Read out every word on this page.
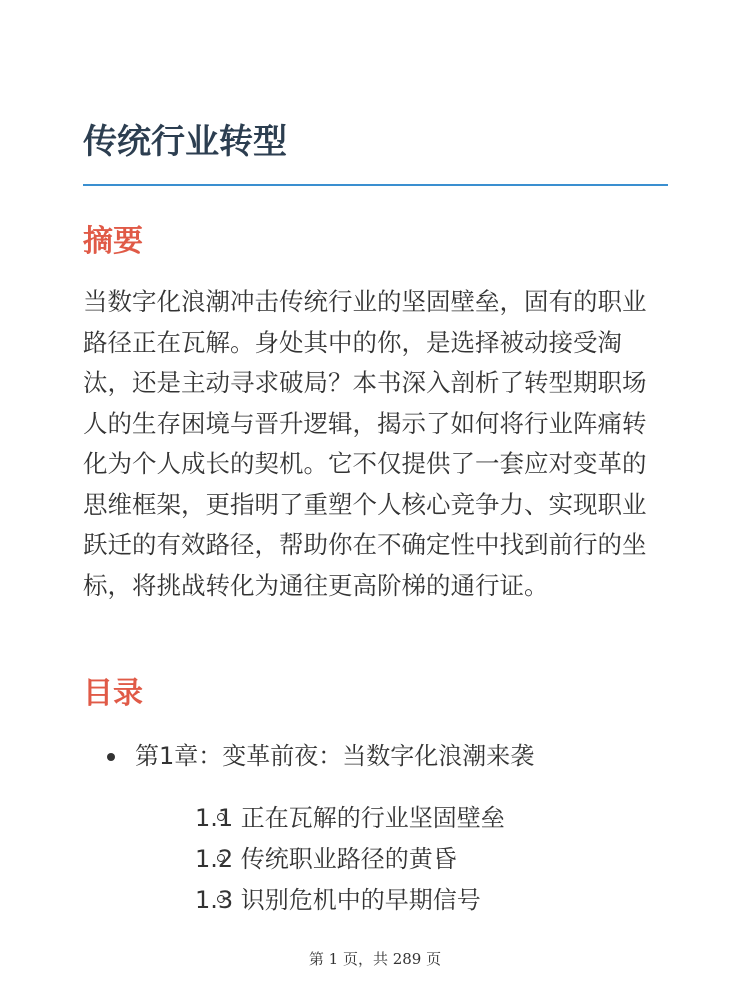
传统行业转型
摘要

当数字化浪潮冲击传统行业的坚固壁垒，固有的职业路径正在瓦解。身处其中的你，是选择被动接受淘汰，还是主动寻求破局？本书深入剖析了转型期职场人的生存困境与晋升逻辑，揭示了如何将行业阵痛转化为个人成长的契机。它不仅提供了一套应对变革的思维框架，更指明了重塑个人核心竞争力、实现职业跃迁的有效路径，帮助你在不确定性中找到前行的坐标，将挑战转化为通往更高阶梯的通行证。

目录
第1章：变革前夜：当数字化浪潮来袭
1.1 正在瓦解的行业坚固壁垒
1.2 传统职业路径的黄昏
1.3 识别危机中的早期信号
第 1 页，共 289 页
